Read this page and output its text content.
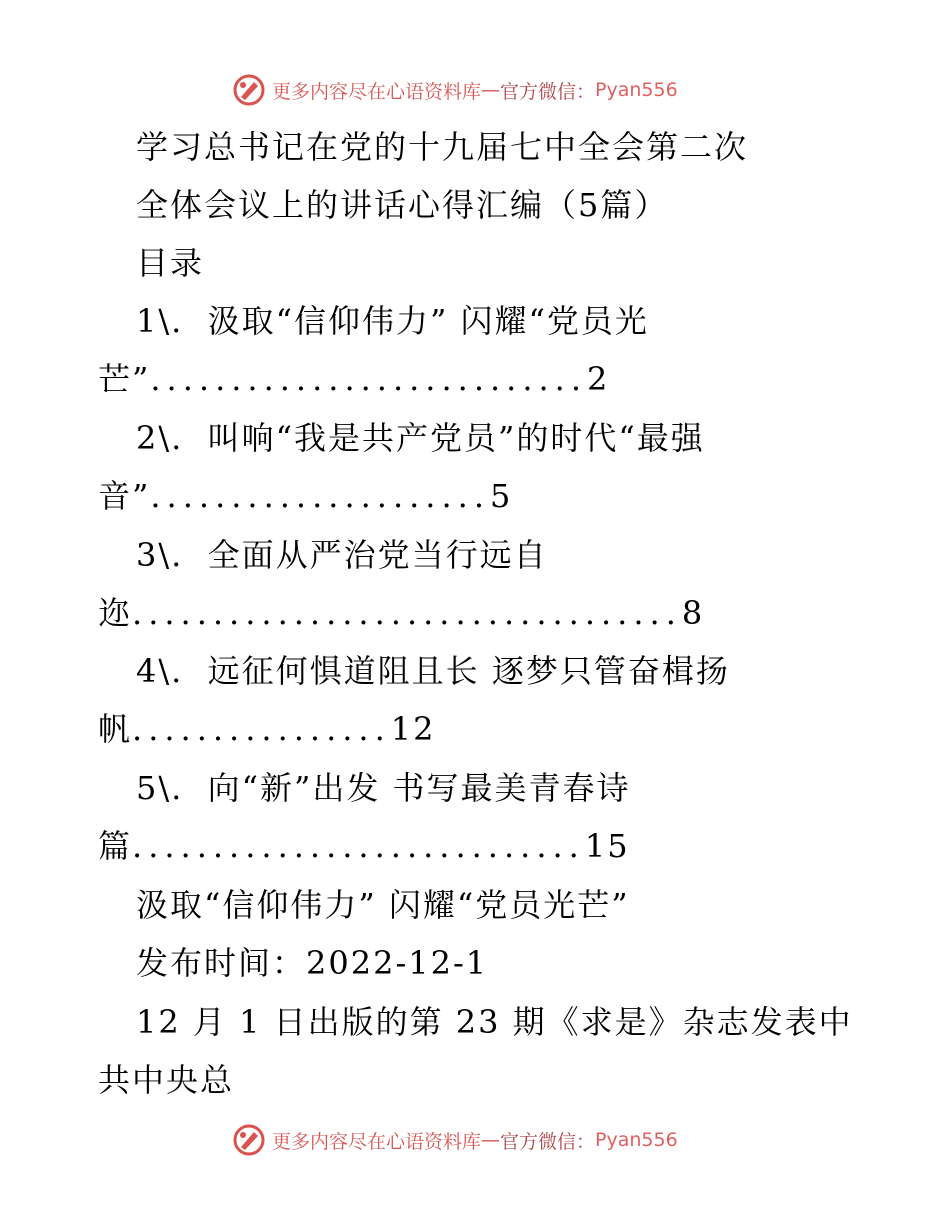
更多内容尽在心语资料库 — 官方微信： Pyan556
学习总书记在党的十九届七中全会第二次
全体会议上的讲话心得汇编（5篇）
目录
1\. 汲取“信仰伟力” 闪耀“党员光
芒”...........................2
2\. 叫响“我是共产党员”的时代“最强
音”.....................5
3\. 全面从严治党当行远自
迩..................................8
4\. 远征何惧道阻且长 逐梦只管奋楫扬
帆................12
5\. 向“新”出发 书写最美青春诗
篇............................15
汲取“信仰伟力” 闪耀“党员光芒”
发布时间：2022-12-1
12 月 1 日出版的第 23 期《求是》杂志发表中
共中央总
更多内容尽在心语资料库 — 官方微信： Pyan556
